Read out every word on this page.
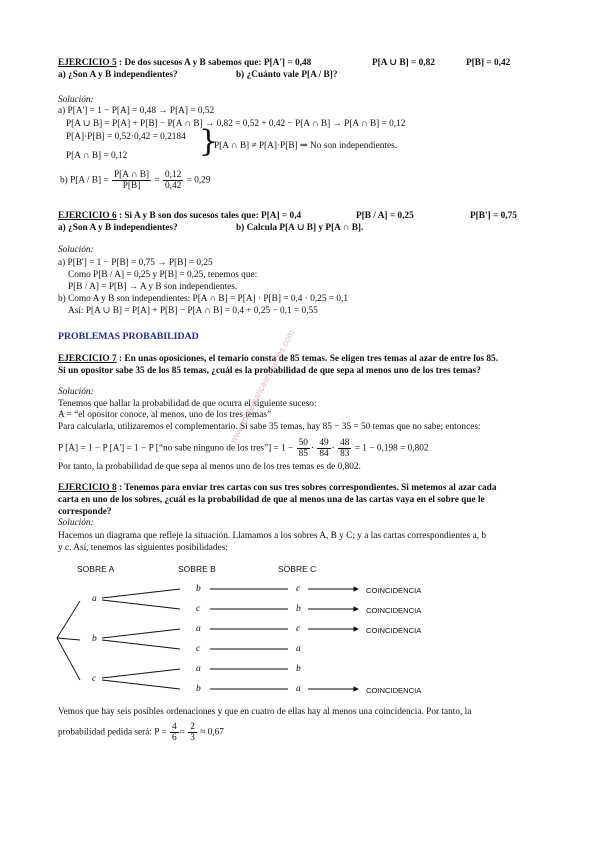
EJERCICIO 5 : De dos sucesos A y B sabemos que: P[A'] = 0,48	P[A ∪ B] = 0,82	P[B] = 0,42
a) ¿Son A y B independientes?	b) ¿Cuánto vale P[A / B]?
Solución:
a) P[A'] = 1 − P[A] = 0,48 → P[A] = 0,52
P[A ∪ B] = P[A] + P[B] − P[A ∩ B] → 0,82 = 0,52 + 0,42 − P[A ∩ B] → P[A ∩ B] = 0,12
P[A]·P[B] = 0,52·0,42 = 0,2184
P[A ∩ B] = 0,12 }
P[A ∩ B] ≠ P[A]·P[B] ⇒ No son independientes.
b) $P[A / B] = \frac{P[A \cap B]}{P[B]} = \frac{0,12}{0,42} = 0,29$
EJERCICIO 6 : Si A y B son dos sucesos tales que: P[A] = 0,4	P[B / A] = 0,25	P[B'] = 0,75
a) ¿Son A y B independientes?	b) Calcula P[A ∪ B] y P[A ∩ B].
Solución:
a) P[B'] = 1 − P[B] = 0,75 → P[B] = 0,25
Como P[B / A] = 0,25 y P[B] = 0,25, tenemos que:
P[B / A] = P[B] → A y B son independientes.
b) Como A y B son independientes: P[A ∩ B] = P[A] · P[B] = 0,4 · 0,25 = 0,1
Así: P[A ∪ B] = P[A] + P[B] − P[A ∩ B] = 0,4 + 0,25 − 0,1 = 0,55
PROBLEMAS PROBABILIDAD
EJERCICIO 7 : En unas oposiciones, el temario consta de 85 temas. Se eligen tres temas al azar de entre los 85.
Si un opositor sabe 35 de los 85 temas, ¿cuál es la probabilidad de que sepa al menos uno de los tres temas?
Solución:
Tenemos que hallar la probabilidad de que ocurra el siguiente suceso:
A = “el opositor conoce, al menos, uno de los tres temas”
Para calcularla, utilizaremos el complementario. Si sabe 35 temas, hay 85 − 35 = 50 temas que no sabe; entonces:
P [A] = 1 − P [A'] = 1 − P [“no sabe ninguno de los tres”] = $1 - \frac{50}{85} \cdot \frac{49}{84} \cdot \frac{48}{83} = 1 - 0,198 = 0,802$
Por tanto, la probabilidad de que sepa al menos uno de los tres temas es de 0,802.
EJERCICIO 8 : Tenemos para enviar tres cartas con sus tres sobres correspondientes. Si metemos al azar cada
carta en uno de los sobres, ¿cuál es la probabilidad de que al menos una de las cartas vaya en el sobre que le
corresponde?
Solución:
Hacemos un diagrama que refleje la situación. Llamamos a los sobres A, B y C; y a las cartas correspondientes a, b
y c. Así, tenemos las siguientes posibilidades:
SOBRE A	SOBRE B	SOBRE C
a
b
c
b
c
a
c
a
b
c
b
c
a
b
a
COINCIDENCIA
COINCIDENCIA
COINCIDENCIA
COINCIDENCIA
Vemos que hay seis posibles ordenaciones y que en cuatro de ellas hay al menos una coincidencia. Por tanto, la
probabilidad pedida será: $P = \frac{4}{6} = \frac{2}{3} \approx 0,67$
www.matematicasrecursos.com
